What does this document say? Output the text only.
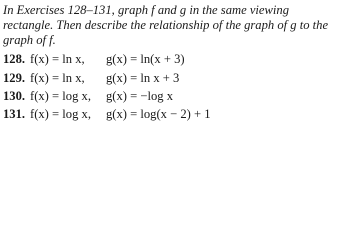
In Exercises 128–131, graph f and g in the same viewing rectangle. Then describe the relationship of the graph of g to the graph of f.

128. f(x) = ln x,	g(x) = ln(x + 3)
129. f(x) = ln x,	g(x) = ln x + 3
130. f(x) = log x,	g(x) = −log x
131. f(x) = log x,	g(x) = log(x − 2) + 1
